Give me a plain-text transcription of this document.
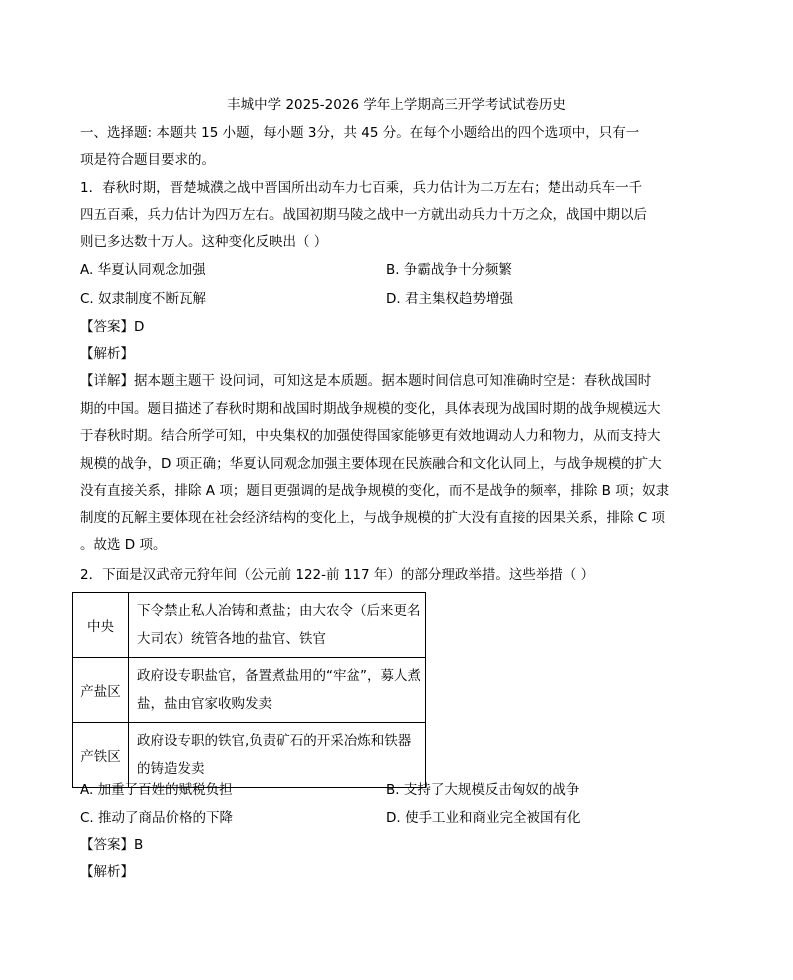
丰城中学 2025-2026 学年上学期高三开学考试试卷历史
一、选择题: 本题共 15 小题，每小题 3分，共 45 分。在每个小题给出的四个选项中，只有一
项是符合题目要求的。
1．春秋时期，晋楚城濮之战中晋国所出动车力七百乘，兵力估计为二万左右；楚出动兵车一千
四五百乘，兵力估计为四万左右。战国初期马陵之战中一方就出动兵力十万之众，战国中期以后
则已多达数十万人。这种变化反映出（ ）
A. 华夏认同观念加强	B. 争霸战争十分频繁
C. 奴隶制度不断瓦解	D. 君主集权趋势增强
【答案】D
【解析】
【详解】据本题主题干 设问词，可知这是本质题。据本题时间信息可知准确时空是：春秋战国时
期的中国。题目描述了春秋时期和战国时期战争规模的变化，具体表现为战国时期的战争规模远大
于春秋时期。结合所学可知，中央集权的加强使得国家能够更有效地调动人力和物力，从而支持大
规模的战争，D 项正确；华夏认同观念加强主要体现在民族融合和文化认同上，与战争规模的扩大
没有直接关系，排除 A 项；题目更强调的是战争规模的变化，而不是战争的频率，排除 B 项；奴隶
制度的瓦解主要体现在社会经济结构的变化上，与战争规模的扩大没有直接的因果关系，排除 C 项
。故选 D 项。
2．下面是汉武帝元狩年间（公元前 122-前 117 年）的部分理政举措。这些举措（ ）
中央	下令禁止私人冶铸和煮盐；由大农令（后来更名大司农）统管各地的盐官、铁官
产盐区	政府设专职盐官，备置煮盐用的“牢盆”，募人煮盐，盐由官家收购发卖
产铁区	政府设专职的铁官,负责矿石的开采冶炼和铁器的铸造发卖
A. 加重了百姓的赋税负担	B. 支持了大规模反击匈奴的战争
C. 推动了商品价格的下降	D. 使手工业和商业完全被国有化
【答案】B
【解析】
